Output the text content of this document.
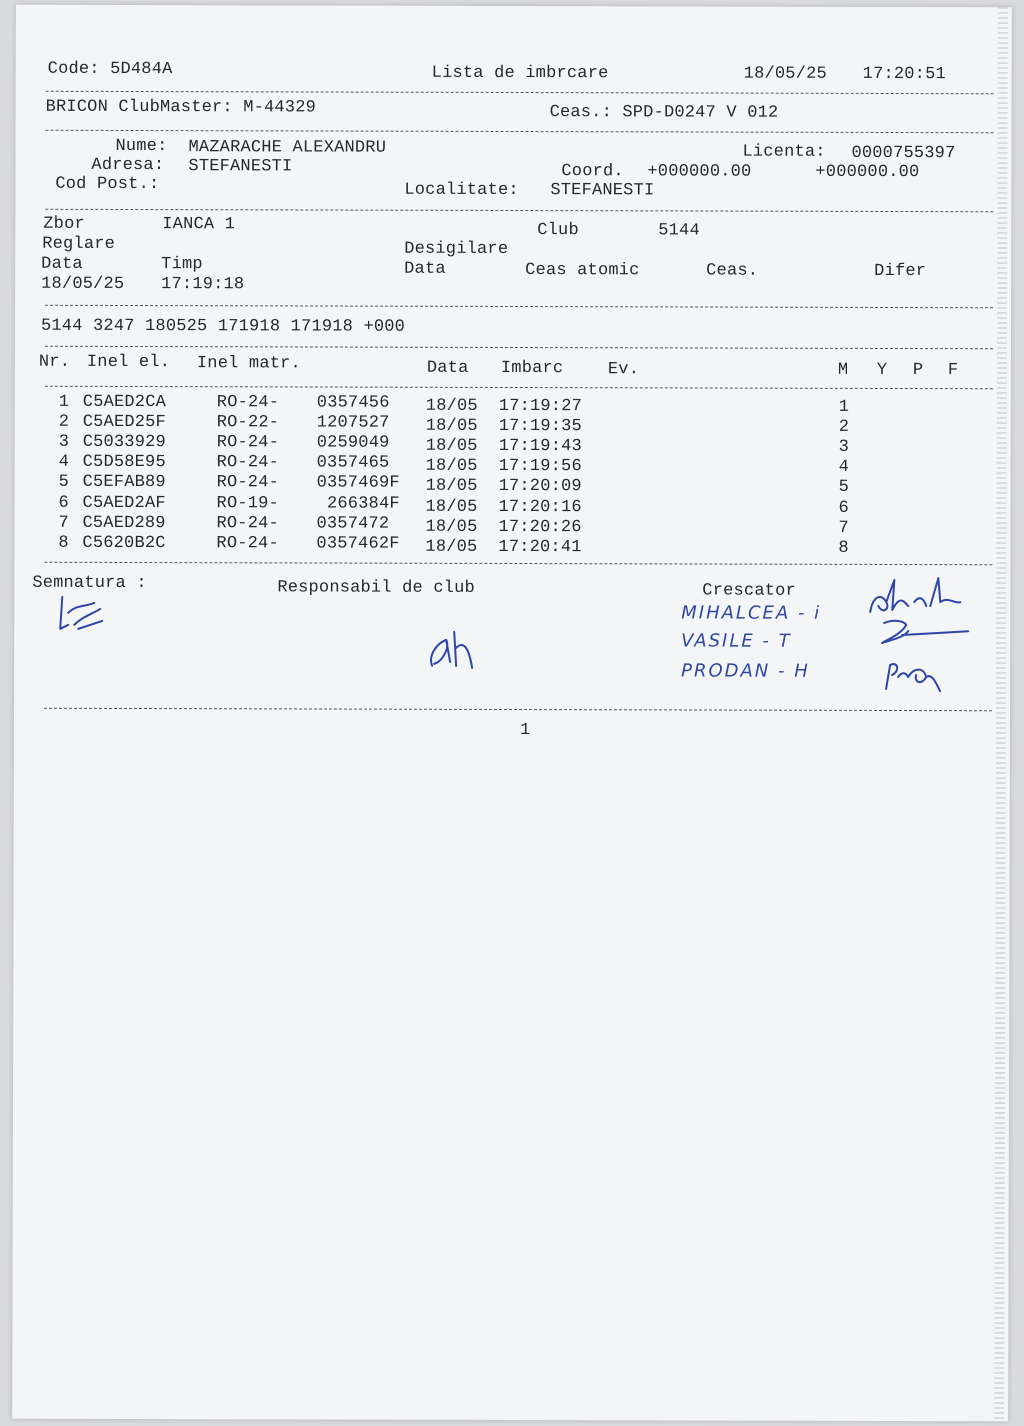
Code: 5D484A	Lista de imbrcare	18/05/25 17:20:51
BRICON ClubMaster: M-44329	Ceas.: SPD-D0247 V 012
Nume: MAZARACHE ALEXANDRU	Licenta: 0000755397
Adresa: STEFANESTI	Coord. +000000.00	+000000.00
Cod Post.:	Localitate: STEFANESTI
Zbor	IANCA 1	Club	5144
Reglare	Desigilare
Data	Timp	Data	Ceas atomic	Ceas.	Difer
18/05/25 17:19:18
5144 3247 180525 171918 171918 +000
Nr. Inel el. Inel matr.	Data Imbarc	Ev.	M Y P F
1 C5AED2CA	RO-24- 0357456 18/05 17:19:27	1
2 C5AED25F	RO-22- 1207527 18/05 17:19:35	2
3 C5033929	RO-24- 0259049 18/05 17:19:43	3
4 C5D58E95	RO-24- 0357465 18/05 17:19:56	4
5 C5EFAB89	RO-24- 0357469F 18/05 17:20:09	5
6 C5AED2AF	RO-19- 266384F 18/05 17:20:16	6
7 C5AED289	RO-24- 0357472 18/05 17:20:26	7
8 C5620B2C	RO-24- 0357462F 18/05 17:20:41	8
Semnatura :	Responsabil de club	Crescator
MIHALCEA - i
VASILE - T
PRODAN - H
1
